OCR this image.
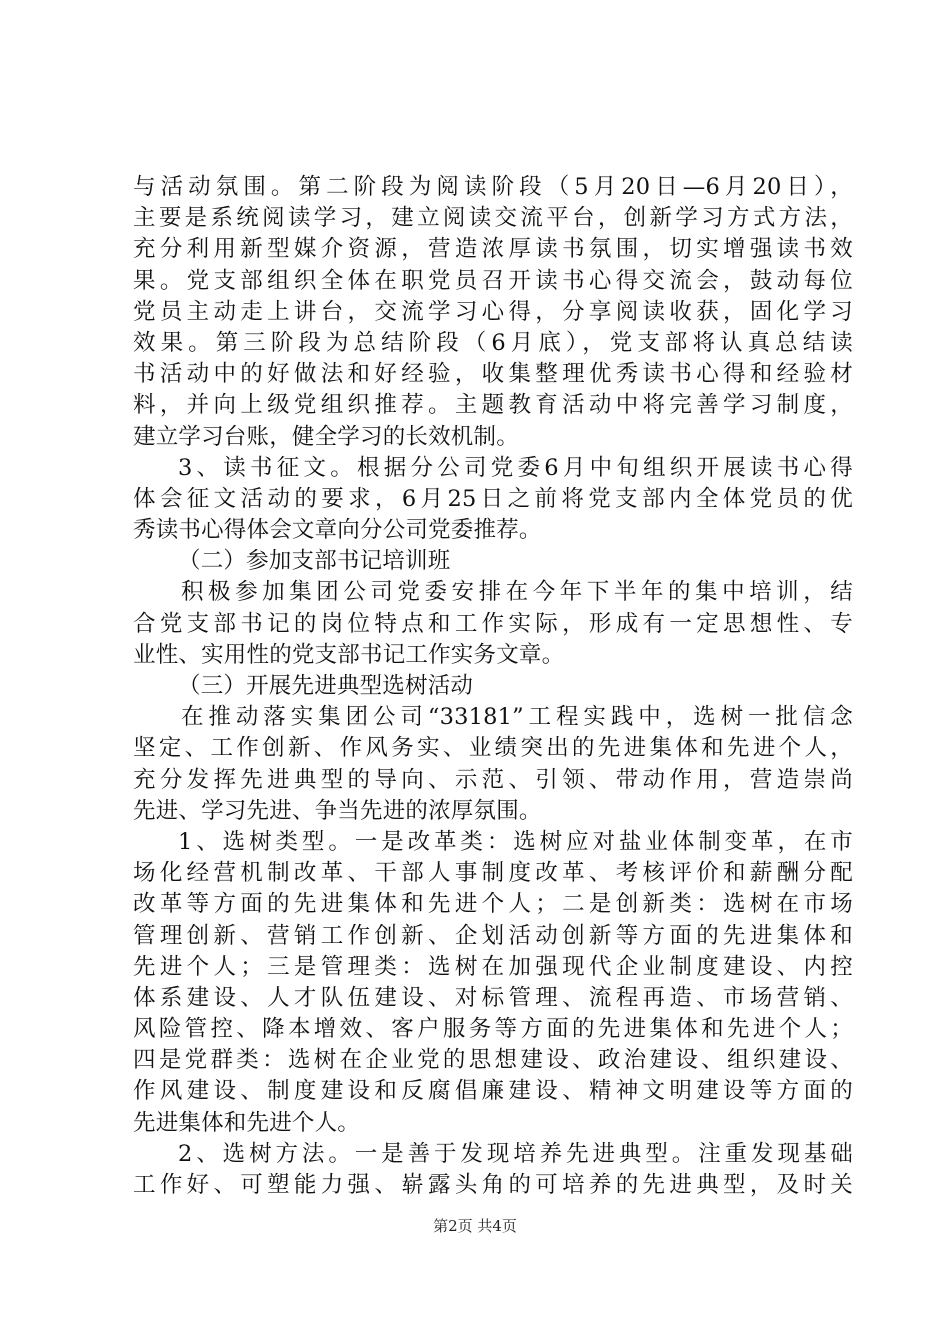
与活动氛围。第二阶段为阅读阶段（5月20日—6月20日），
主要是系统阅读学习，建立阅读交流平台，创新学习方式方法，
充分利用新型媒介资源，营造浓厚读书氛围，切实增强读书效
果。党支部组织全体在职党员召开读书心得交流会，鼓动每位
党员主动走上讲台，交流学习心得，分享阅读收获，固化学习
效果。第三阶段为总结阶段（6月底），党支部将认真总结读
书活动中的好做法和好经验，收集整理优秀读书心得和经验材
料，并向上级党组织推荐。主题教育活动中将完善学习制度，
建立学习台账，健全学习的长效机制。
3、读书征文。根据分公司党委6月中旬组织开展读书心得
体会征文活动的要求，6月25日之前将党支部内全体党员的优
秀读书心得体会文章向分公司党委推荐。
（二）参加支部书记培训班
积极参加集团公司党委安排在今年下半年的集中培训，结
合党支部书记的岗位特点和工作实际，形成有一定思想性、专
业性、实用性的党支部书记工作实务文章。
（三）开展先进典型选树活动
在推动落实集团公司“33181”工程实践中，选树一批信念
坚定、工作创新、作风务实、业绩突出的先进集体和先进个人，
充分发挥先进典型的导向、示范、引领、带动作用，营造崇尚
先进、学习先进、争当先进的浓厚氛围。
1、选树类型。一是改革类：选树应对盐业体制变革，在市
场化经营机制改革、干部人事制度改革、考核评价和薪酬分配
改革等方面的先进集体和先进个人；二是创新类：选树在市场
管理创新、营销工作创新、企划活动创新等方面的先进集体和
先进个人；三是管理类：选树在加强现代企业制度建设、内控
体系建设、人才队伍建设、对标管理、流程再造、市场营销、
风险管控、降本增效、客户服务等方面的先进集体和先进个人；
四是党群类：选树在企业党的思想建设、政治建设、组织建设、
作风建设、制度建设和反腐倡廉建设、精神文明建设等方面的
先进集体和先进个人。
2、选树方法。一是善于发现培养先进典型。注重发现基础
工作好、可塑能力强、崭露头角的可培养的先进典型，及时关
第2页 共4页
